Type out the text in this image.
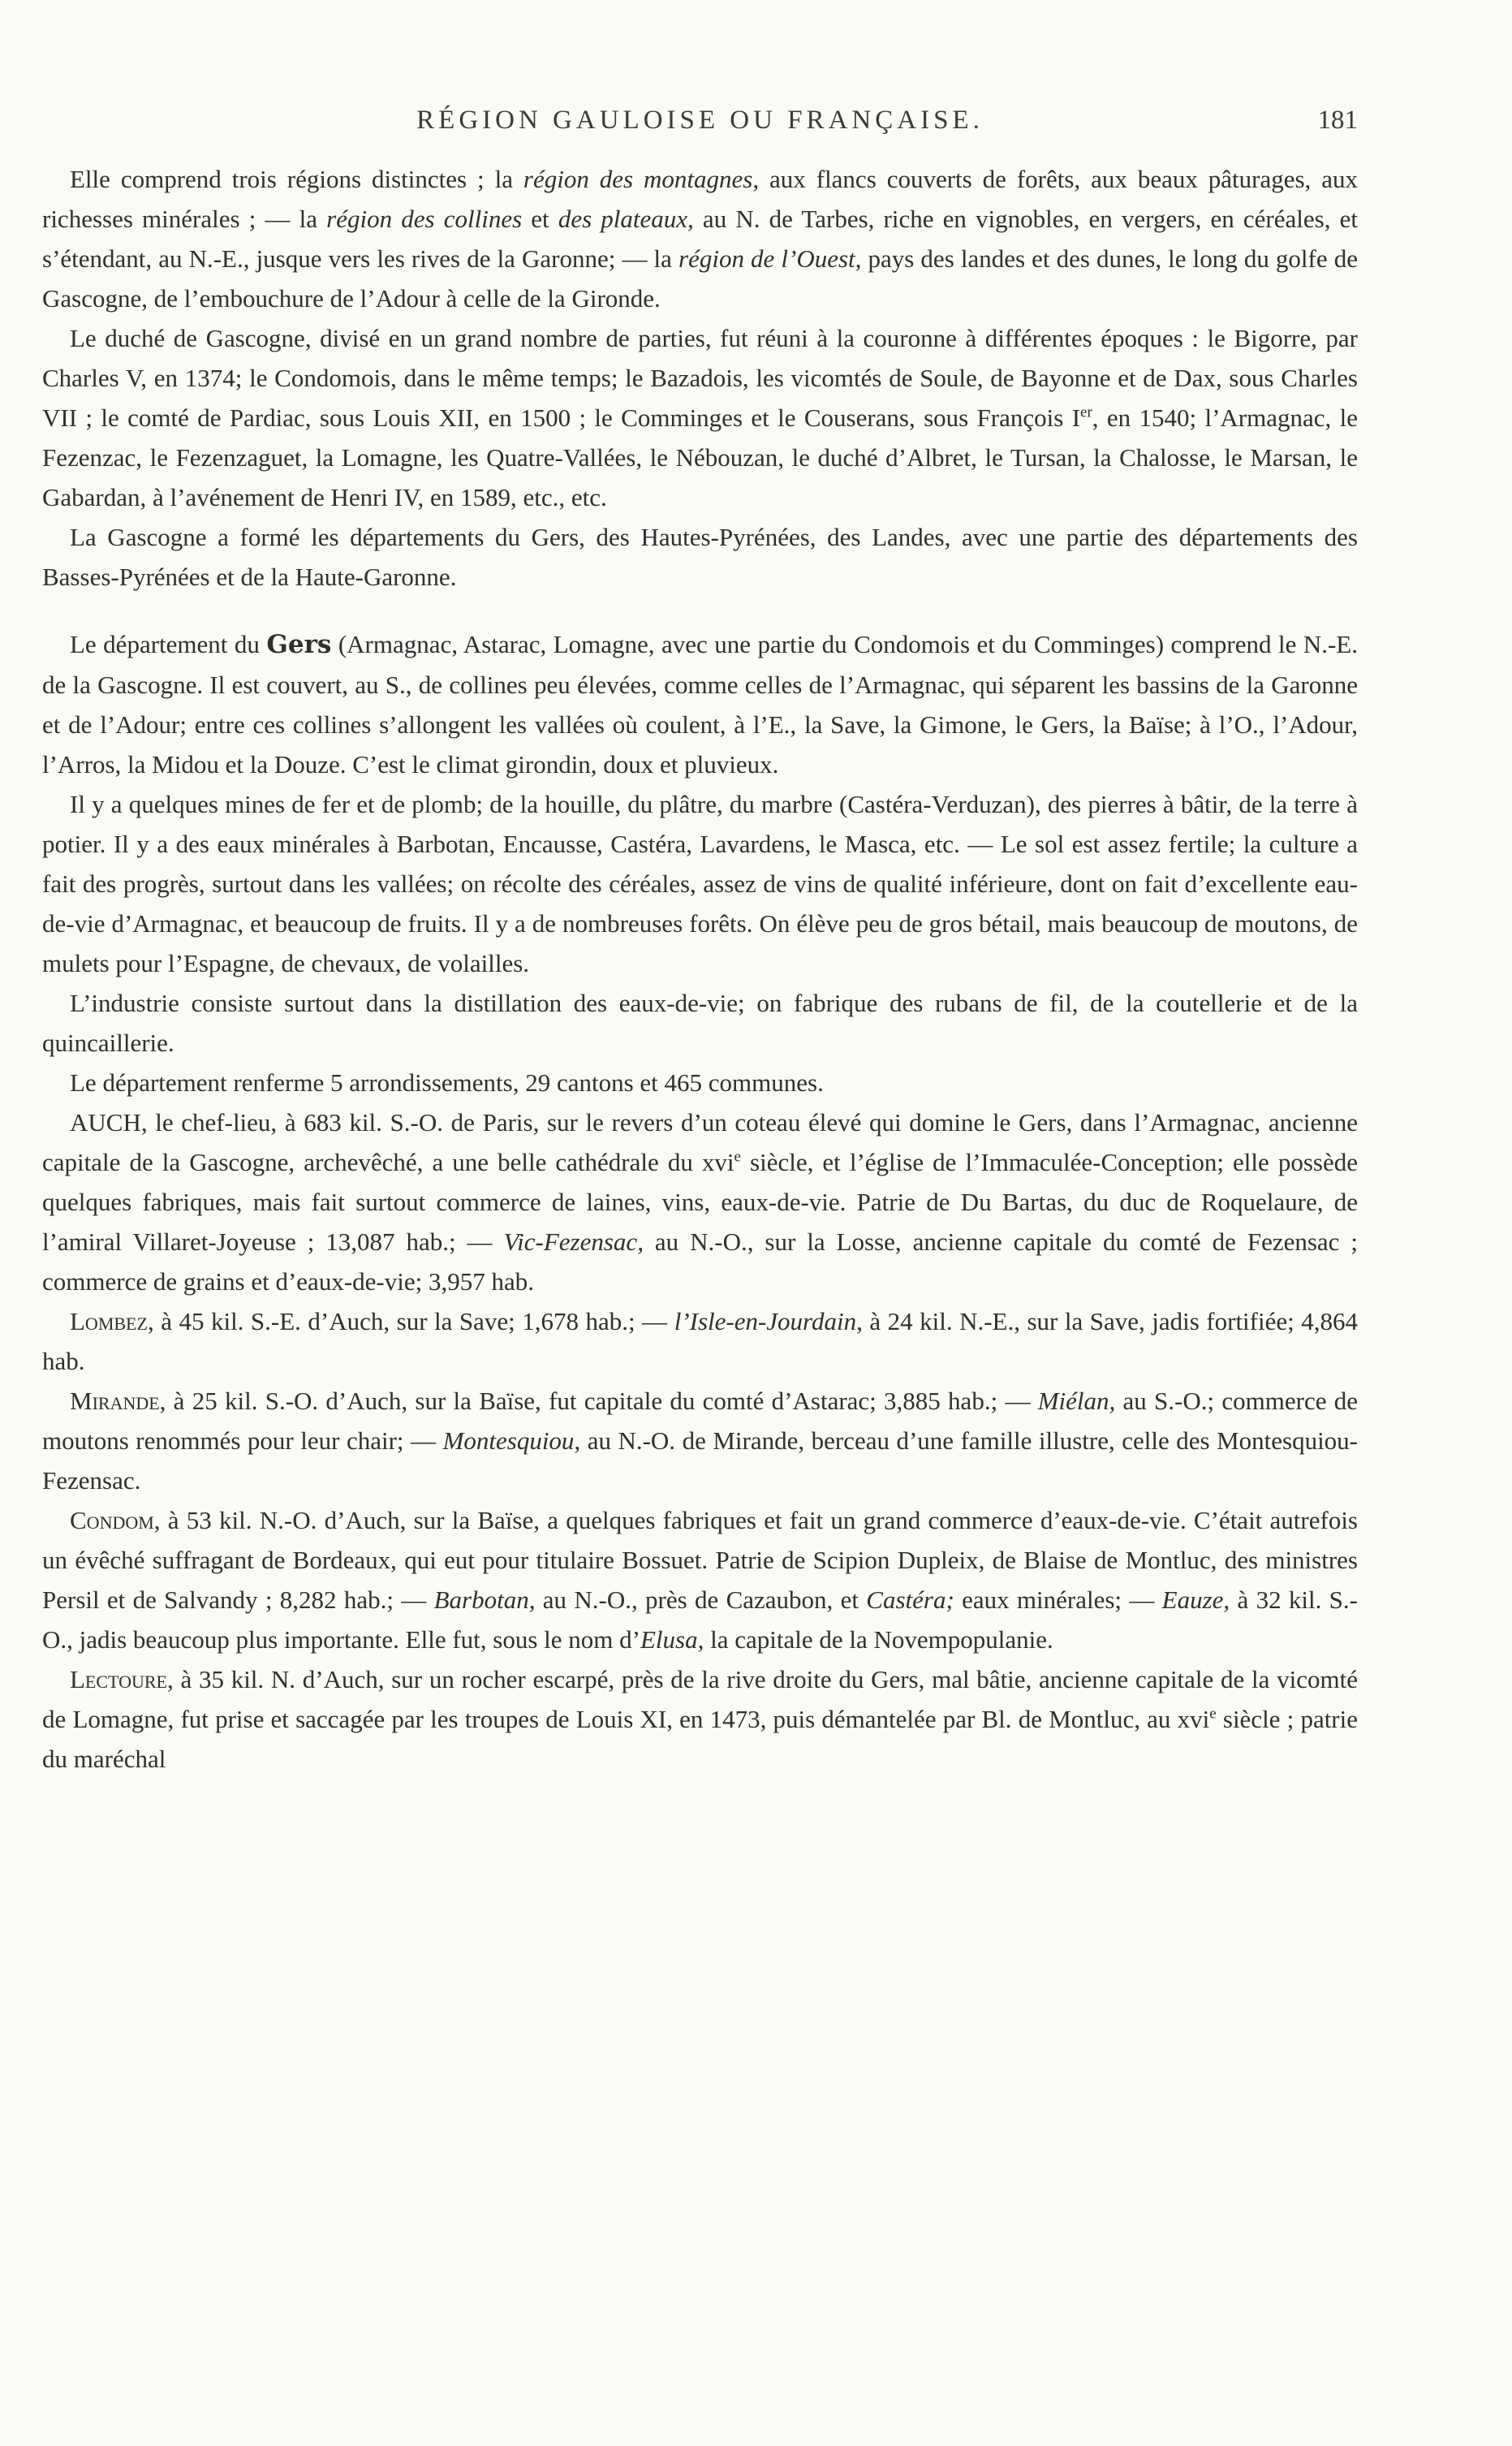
RÉGION GAULOISE OU FRANÇAISE.	181

Elle comprend trois régions distinctes ; la région des montagnes, aux flancs couverts de forêts, aux beaux pâturages, aux richesses minérales ; — la région des collines et des plateaux, au N. de Tarbes, riche en vignobles, en vergers, en céréales, et s’étendant, au N.-E., jusque vers les rives de la Garonne; — la région de l’Ouest, pays des landes et des dunes, le long du golfe de Gascogne, de l’embouchure de l’Adour à celle de la Gironde.

Le duché de Gascogne, divisé en un grand nombre de parties, fut réuni à la couronne à différentes époques : le Bigorre, par Charles V, en 1374; le Condomois, dans le même temps; le Bazadois, les vicomtés de Soule, de Bayonne et de Dax, sous Charles VII ; le comté de Pardiac, sous Louis XII, en 1500 ; le Comminges et le Couserans, sous François Ier, en 1540; l’Armagnac, le Fezenzac, le Fezenzaguet, la Lomagne, les Quatre-Vallées, le Nébouzan, le duché d’Albret, le Tursan, la Chalosse, le Marsan, le Gabardan, à l’avénement de Henri IV, en 1589, etc., etc.

La Gascogne a formé les départements du Gers, des Hautes-Pyrénées, des Landes, avec une partie des départements des Basses-Pyrénées et de la Haute-Garonne.

Le département du Gers (Armagnac, Astarac, Lomagne, avec une partie du Condomois et du Comminges) comprend le N.-E. de la Gascogne. Il est couvert, au S., de collines peu élevées, comme celles de l’Armagnac, qui séparent les bassins de la Garonne et de l’Adour; entre ces collines s’allongent les vallées où coulent, à l’E., la Save, la Gimone, le Gers, la Baïse; à l’O., l’Adour, l’Arros, la Midou et la Douze. C’est le climat girondin, doux et pluvieux.

Il y a quelques mines de fer et de plomb; de la houille, du plâtre, du marbre (Castéra-Verduzan), des pierres à bâtir, de la terre à potier. Il y a des eaux minérales à Barbotan, Encausse, Castéra, Lavardens, le Masca, etc. — Le sol est assez fertile; la culture a fait des progrès, surtout dans les vallées; on récolte des céréales, assez de vins de qualité inférieure, dont on fait d’excellente eau-de-vie d’Armagnac, et beaucoup de fruits. Il y a de nombreuses forêts. On élève peu de gros bétail, mais beaucoup de moutons, de mulets pour l’Espagne, de chevaux, de volailles.

L’industrie consiste surtout dans la distillation des eaux-de-vie; on fabrique des rubans de fil, de la coutellerie et de la quincaillerie.

Le département renferme 5 arrondissements, 29 cantons et 465 communes.

AUCH, le chef-lieu, à 683 kil. S.-O. de Paris, sur le revers d’un coteau élevé qui domine le Gers, dans l’Armagnac, ancienne capitale de la Gascogne, archevêché, a une belle cathédrale du xvi$^e$ siècle, et l’église de l’Immaculée-Conception; elle possède quelques fabriques, mais fait surtout commerce de laines, vins, eaux-de-vie. Patrie de Du Bartas, du duc de Roquelaure, de l’amiral Villaret-Joyeuse ; 13,087 hab.; — Vic-Fezensac, au N.-O., sur la Losse, ancienne capitale du comté de Fezensac ; commerce de grains et d’eaux-de-vie; 3,957 hab.

Lombez, à 45 kil. S.-E. d’Auch, sur la Save; 1,678 hab.; — l’Isle-en-Jourdain, à 24 kil. N.-E., sur la Save, jadis fortifiée; 4,864 hab.

Mirande, à 25 kil. S.-O. d’Auch, sur la Baïse, fut capitale du comté d’Astarac; 3,885 hab.; — Miélan, au S.-O.; commerce de moutons renommés pour leur chair; — Montesquiou, au N.-O. de Mirande, berceau d’une famille illustre, celle des Montesquiou-Fezensac.

Condom, à 53 kil. N.-O. d’Auch, sur la Baïse, a quelques fabriques et fait un grand commerce d’eaux-de-vie. C’était autrefois un évêché suffragant de Bordeaux, qui eut pour titulaire Bossuet. Patrie de Scipion Dupleix, de Blaise de Montluc, des ministres Persil et de Salvandy ; 8,282 hab.; — Barbotan, au N.-O., près de Cazaubon, et Castéra; eaux minérales; — Eauze, à 32 kil. S.-O., jadis beaucoup plus importante. Elle fut, sous le nom d’Elusa, la capitale de la Novempopulanie.

Lectoure, à 35 kil. N. d’Auch, sur un rocher escarpé, près de la rive droite du Gers, mal bâtie, ancienne capitale de la vicomté de Lomagne, fut prise et saccagée par les troupes de Louis XI, en 1473, puis démantelée par Bl. de Montluc, au xvi$^e$ siècle ; patrie du maréchal
